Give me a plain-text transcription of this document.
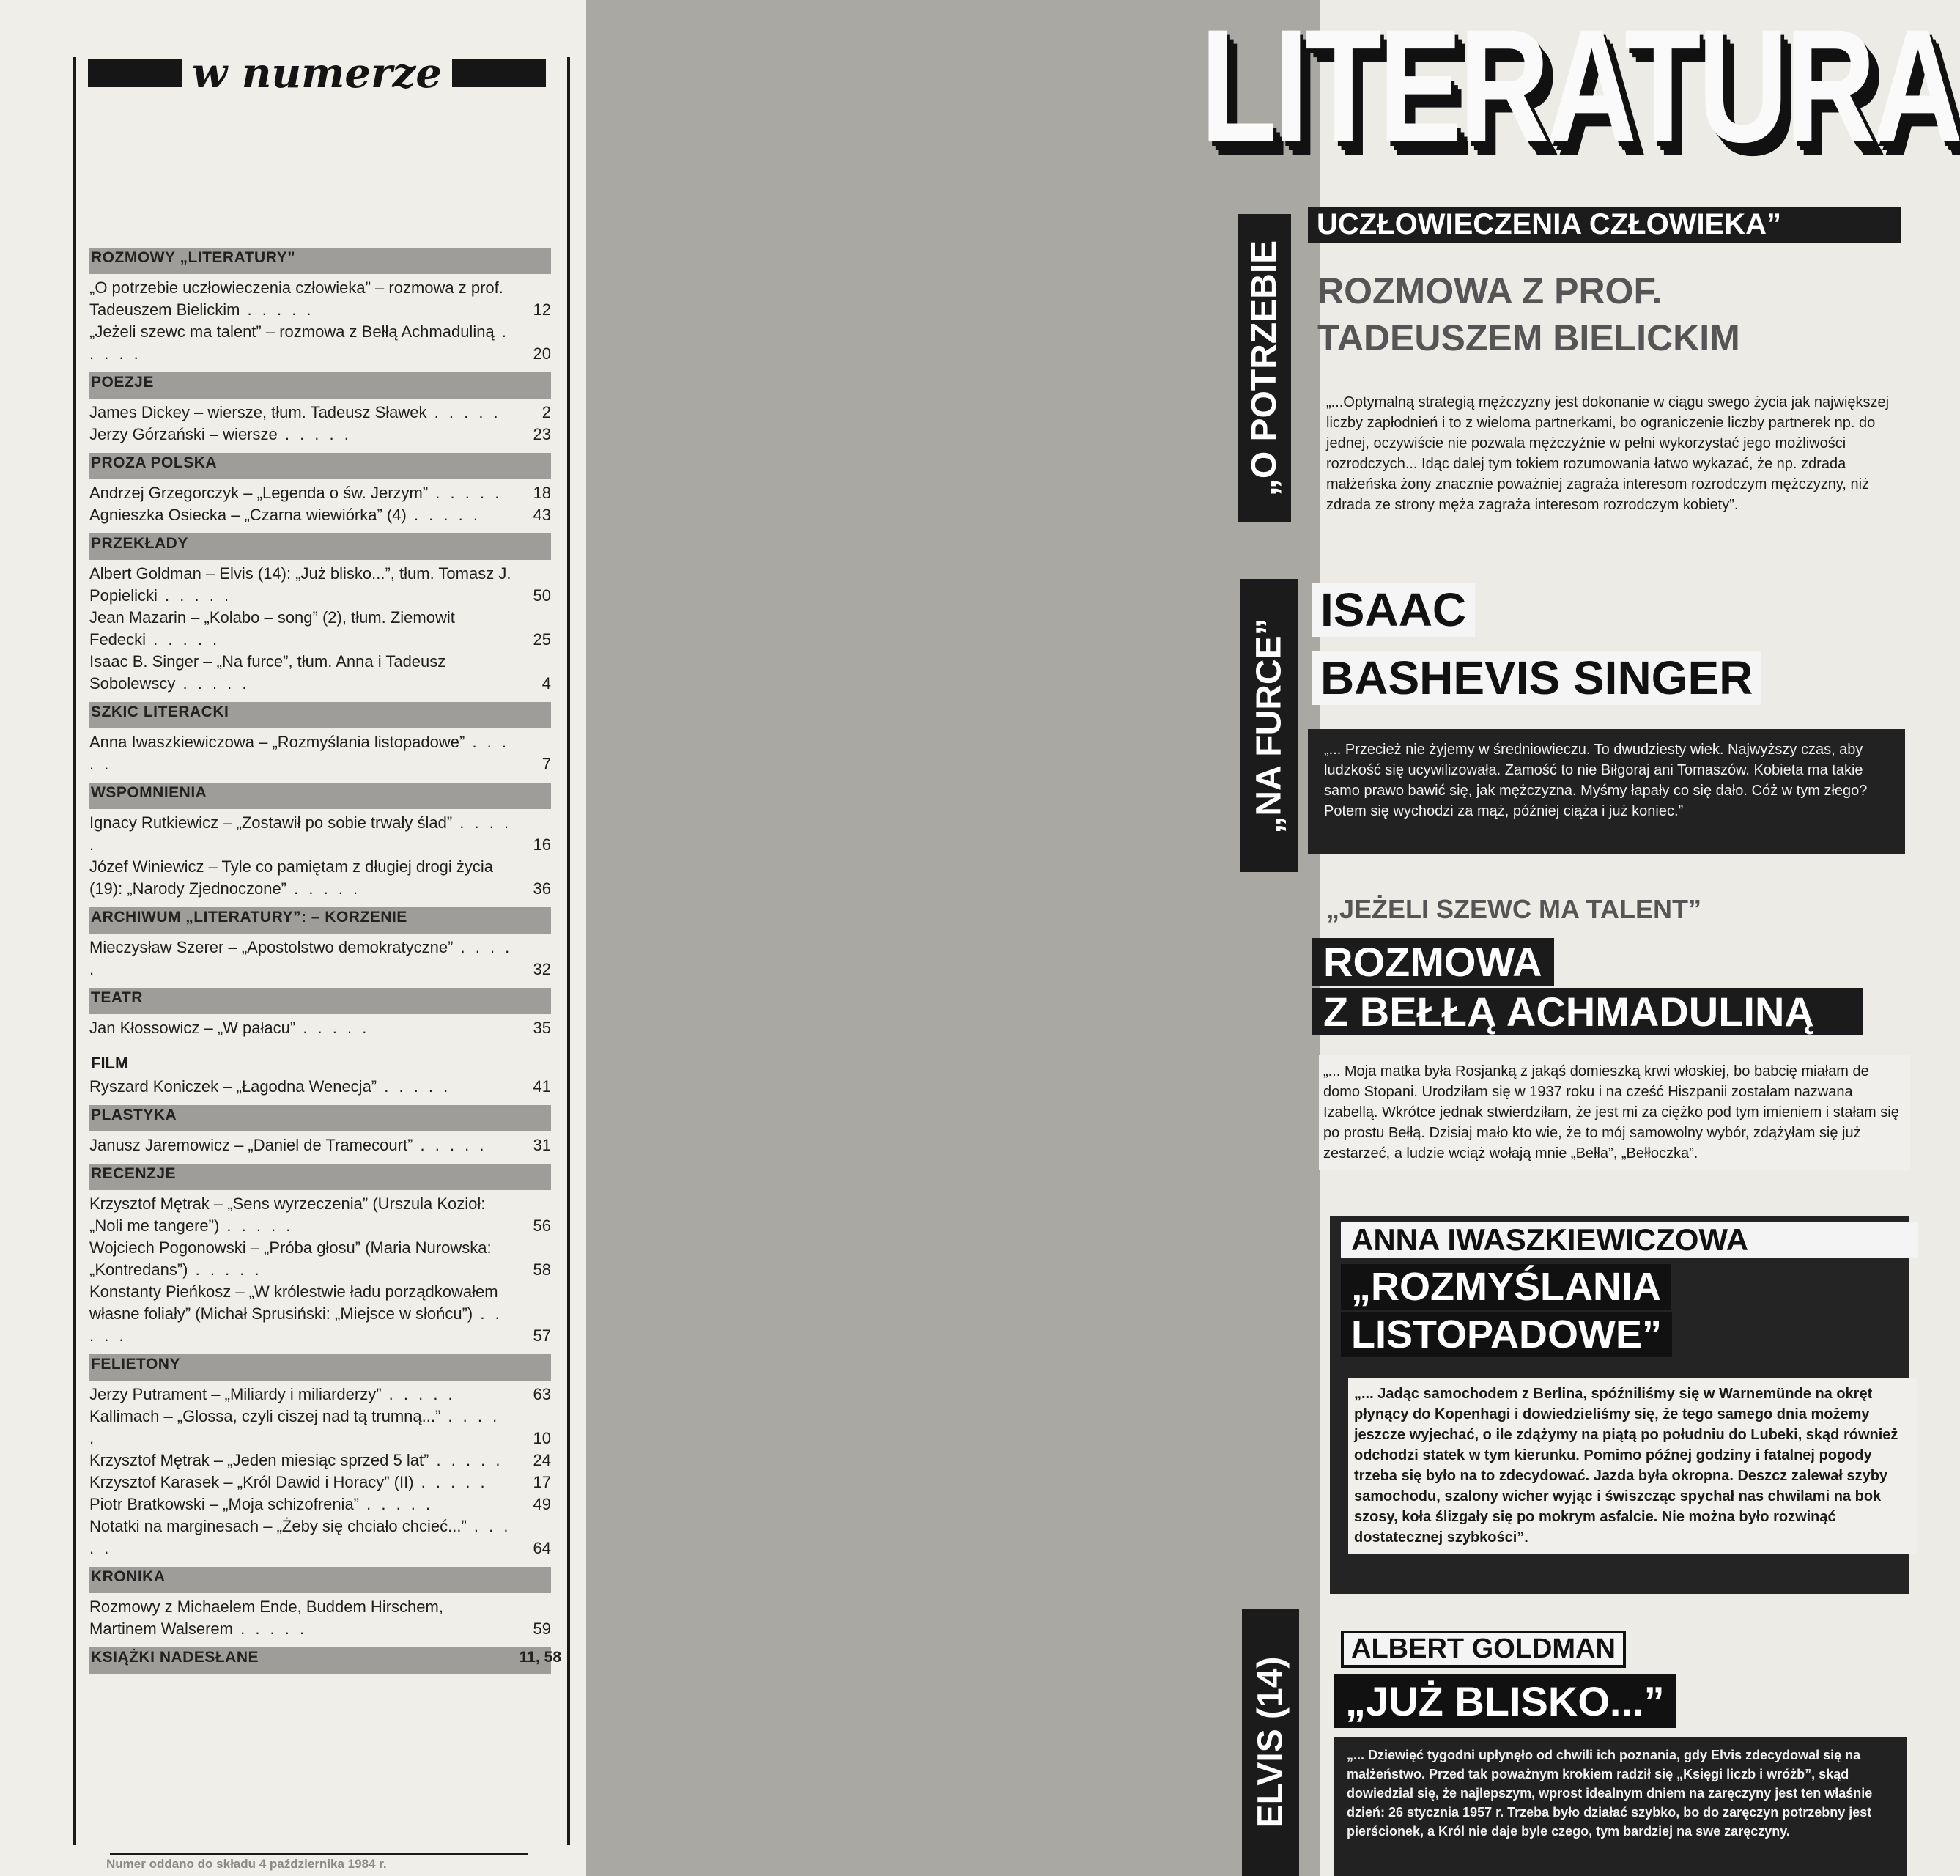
w numerze
ROZMOWY „LITERATURY”
„O potrzebie uczłowieczenia człowieka” – rozmowa z prof. Tadeuszem Bielickim . . . . .	12
„Jeżeli szewc ma talent” – rozmowa z Bełłą Achmaduliną . . . . .	20
POEZJE
James Dickey – wiersze, tłum. Tadeusz Sławek . . . . .	2
Jerzy Górzański – wiersze . . . . .	23
PROZA POLSKA
Andrzej Grzegorczyk – „Legenda o św. Jerzym” . . . . . 18
Agnieszka Osiecka – „Czarna wiewiórka” (4) . . . . .	43
PRZEKŁADY
Albert Goldman – Elvis (14): „Już blisko...”, tłum. Tomasz J. Popielicki . . . . .	50
Jean Mazarin – „Kolabo – song” (2), tłum. Ziemowit Fedecki . . . . .	25
Isaac B. Singer – „Na furce”, tłum. Anna i Tadeusz Sobolewscy . . . . .	4
SZKIC LITERACKI
Anna Iwaszkiewiczowa – „Rozmyślania listopadowe” . . . . .	7
WSPOMNIENIA
Ignacy Rutkiewicz – „Zostawił po sobie trwały ślad” . . . . .	16
Józef Winiewicz – Tyle co pamiętam z długiej drogi życia (19): „Narody Zjednoczone” . . . . .	36
ARCHIWUM „LITERATURY”: – KORZENIE
Mieczysław Szerer – „Apostolstwo demokratyczne” . . . . .	32
TEATR
Jan Kłossowicz – „W pałacu” . . . . .	35
FILM
Ryszard Koniczek – „Łagodna Wenecja” . . . . .	41
PLASTYKA
Janusz Jaremowicz – „Daniel de Tramecourt” . . . . .	31
RECENZJE
Krzysztof Mętrak – „Sens wyrzeczenia” (Urszula Kozioł: „Noli me tangere”) . . . . .	56
Wojciech Pogonowski – „Próba głosu” (Maria Nurowska: „Kontredans”) . . . . .	58
Konstanty Pieńkosz – „W królestwie ładu porządkowałem własne foliały” (Michał Sprusiński: „Miejsce w słońcu”) . . . . .	57
FELIETONY
Jerzy Putrament – „Miliardy i miliarderzy” . . . . .	63
Kallimach – „Glossa, czyli ciszej nad tą trumną...” . . . . .	10
Krzysztof Mętrak – „Jeden miesiąc sprzed 5 lat” . . . . . 24
Krzysztof Karasek – „Król Dawid i Horacy” (II) . . . . .	17
Piotr Bratkowski – „Moja schizofrenia” . . . . .	49
Notatki na marginesach – „Żeby się chciało chcieć...” . . . . .	64
KRONIKA
Rozmowy z Michaelem Ende, Buddem Hirschem, Martinem Walserem . . . . .	59
KSIĄŻKI NADESŁANE	11, 58
Numer oddano do składu 4 października 1984 r.
LITERATURA
„O POTRZEBIE
UCZŁOWIECZENIA CZŁOWIEKA”
ROZMOWA Z PROF.
TADEUSZEM BIELICKIM
„...Optymalną strategią mężczyzny jest dokonanie w ciągu swego życia jak największej liczby zapłodnień i to z wieloma partnerkami, bo ograniczenie liczby partnerek np. do jednej, oczywiście nie pozwala mężczyźnie w pełni wykorzystać jego możliwości rozrodczych... Idąc dalej tym tokiem rozumowania łatwo wykazać, że np. zdrada małżeńska żony znacznie poważniej zagraża interesom rozrodczym mężczyzny, niż zdrada ze strony męża zagraża interesom rozrodczym kobiety”.
„NA FURCE”
ISAAC
BASHEVIS SINGER
„... Przecież nie żyjemy w średniowieczu. To dwudziesty wiek. Najwyższy czas, aby ludzkość się ucywilizowała. Zamość to nie Biłgoraj ani Tomaszów. Kobieta ma takie samo prawo bawić się, jak mężczyzna. Myśmy łapały co się dało. Cóż w tym złego? Potem się wychodzi za mąż, później ciąża i już koniec.”
„JEŻELI SZEWC MA TALENT”
ROZMOWA
Z BEŁŁĄ ACHMADULINĄ
„... Moja matka była Rosjanką z jakąś domieszką krwi włoskiej, bo babcię miałam de domo Stopani. Urodziłam się w 1937 roku i na cześć Hiszpanii zostałam nazwana Izabellą. Wkrótce jednak stwierdziłam, że jest mi za ciężko pod tym imieniem i stałam się po prostu Bełłą. Dzisiaj mało kto wie, że to mój samowolny wybór, zdążyłam się już zestarzeć, a ludzie wciąż wołają mnie „Bełła”, „Bełłoczka”.
ANNA IWASZKIEWICZOWA
„ROZMYŚLANIA
LISTOPADOWE”
„... Jadąc samochodem z Berlina, spóźniliśmy się w Warnemünde na okręt płynący do Kopenhagi i dowiedzieliśmy się, że tego samego dnia możemy jeszcze wyjechać, o ile zdążymy na piątą po południu do Lubeki, skąd również odchodzi statek w tym kierunku. Pomimo późnej godziny i fatalnej pogody trzeba się było na to zdecydować. Jazda była okropna. Deszcz zalewał szyby samochodu, szalony wicher wyjąc i świszcząc spychał nas chwilami na bok szosy, koła ślizgały się po mokrym asfalcie. Nie można było rozwinąć dostatecznej szybkości”.
ELVIS (14)
ALBERT GOLDMAN
„JUŻ BLISKO...”
„... Dziewięć tygodni upłynęło od chwili ich poznania, gdy Elvis zdecydował się na małżeństwo. Przed tak poważnym krokiem radził się „Księgi liczb i wróżb”, skąd dowiedział się, że najlepszym, wprost idealnym dniem na zaręczyny jest ten właśnie dzień: 26 stycznia 1957 r. Trzeba było działać szybko, bo do zaręczyn potrzebny jest pierścionek, a Król nie daje byle czego, tym bardziej na swe zaręczyny.
